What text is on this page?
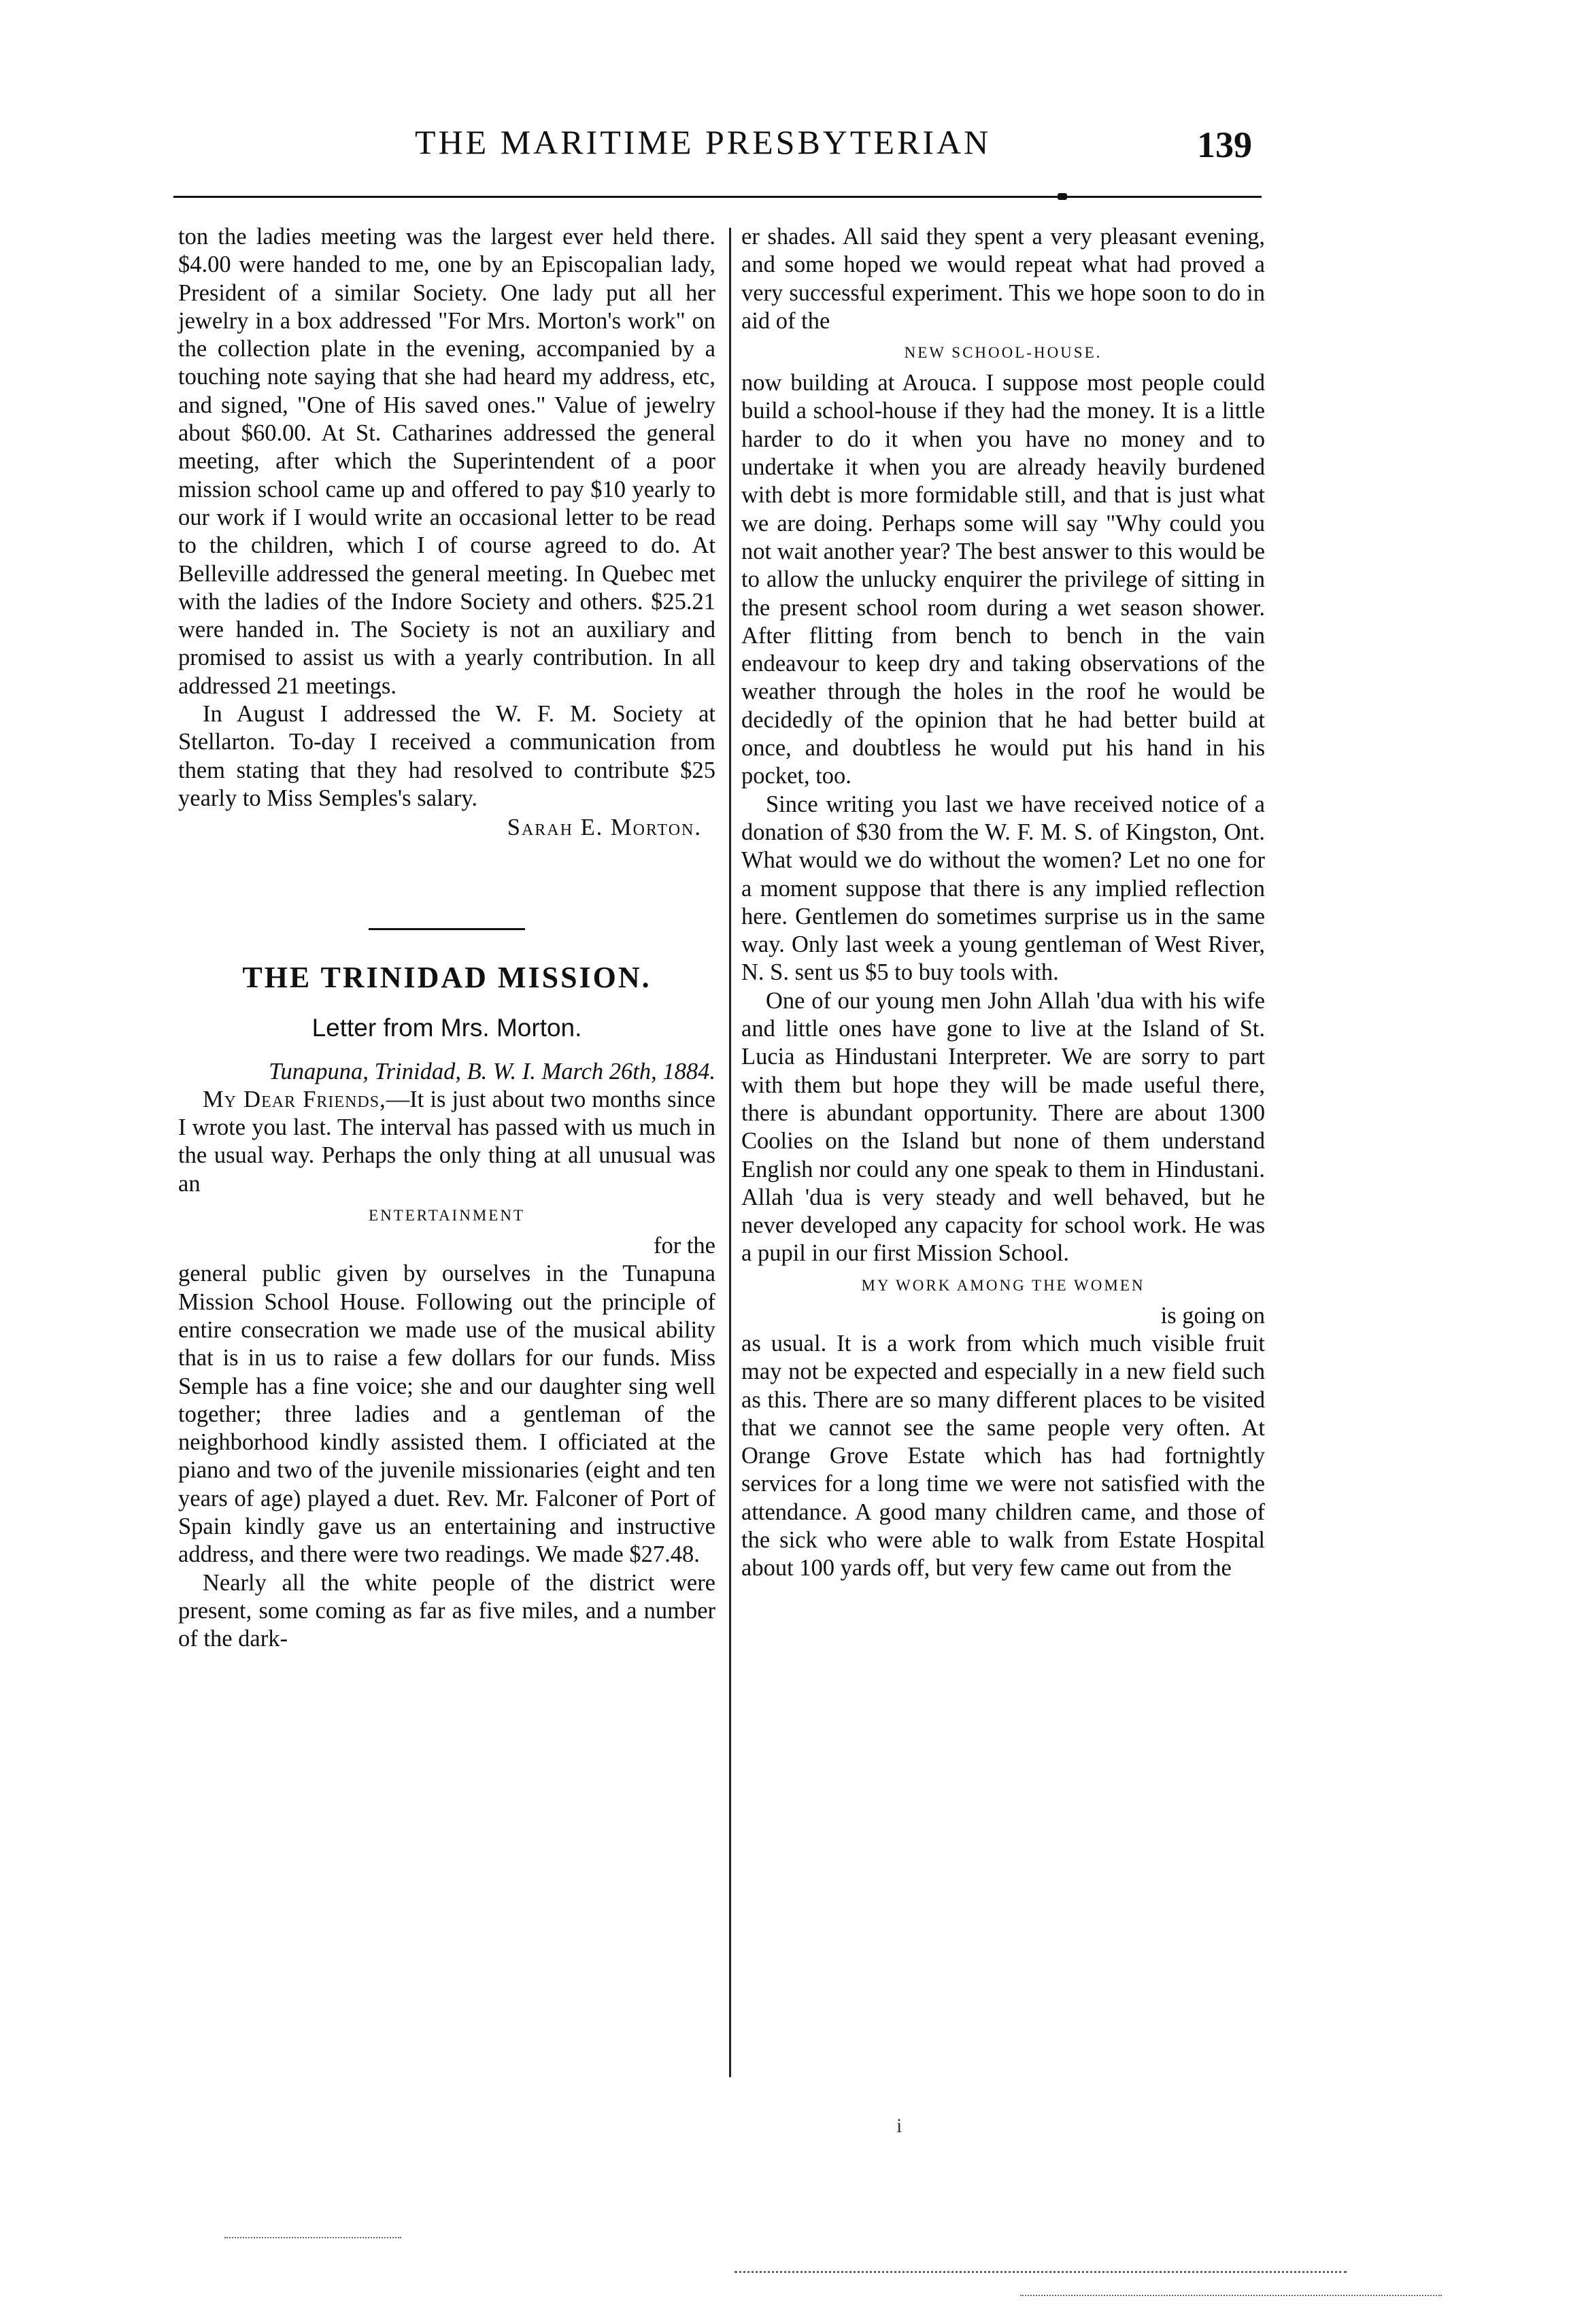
THE MARITIME PRESBYTERIAN	139

ton the ladies meeting was the largest ever held there. $4.00 were handed to me, one by an Episcopalian lady, President of a similar Society. One lady put all her jewelry in a box addressed "For Mrs. Morton's work" on the collection plate in the evening, accompanied by a touching note saying that she had heard my address, etc, and signed, "One of His saved ones." Value of jewelry about $60.00. At St. Catharines addressed the general meeting, after which the Superintendent of a poor mission school came up and offered to pay $10 yearly to our work if I would write an occasional letter to be read to the children, which I of course agreed to do. At Belleville addressed the general meeting. In Quebec met with the ladies of the Indore Society and others. $25.21 were handed in. The Society is not an auxiliary and promised to assist us with a yearly contribution. In all addressed 21 meetings.

In August I addressed the W. F. M. Society at Stellarton. To-day I received a communication from them stating that they had resolved to contribute $25 yearly to Miss Semples's salary.

Sarah E. Morton.

THE TRINIDAD MISSION.

Letter from Mrs. Morton.

Tunapuna, Trinidad, B. W. I. March 26th, 1884.

My Dear Friends,—It is just about two months since I wrote you last. The interval has passed with us much in the usual way. Perhaps the only thing at all unusual was an

ENTERTAINMENT

for the

general public given by ourselves in the Tunapuna Mission School House. Following out the principle of entire consecration we made use of the musical ability that is in us to raise a few dollars for our funds. Miss Semple has a fine voice; she and our daughter sing well together; three ladies and a gentleman of the neighborhood kindly assisted them. I officiated at the piano and two of the juvenile missionaries (eight and ten years of age) played a duet. Rev. Mr. Falconer of Port of Spain kindly gave us an entertaining and instructive address, and there were two readings. We made $27.48.

Nearly all the white people of the district were present, some coming as far as five miles, and a number of the dark-

er shades. All said they spent a very pleasant evening, and some hoped we would repeat what had proved a very successful experiment. This we hope soon to do in aid of the

NEW SCHOOL-HOUSE.

now building at Arouca. I suppose most people could build a school-house if they had the money. It is a little harder to do it when you have no money and to undertake it when you are already heavily burdened with debt is more formidable still, and that is just what we are doing. Perhaps some will say "Why could you not wait another year? The best answer to this would be to allow the unlucky enquirer the privilege of sitting in the present school room during a wet season shower. After flitting from bench to bench in the vain endeavour to keep dry and taking observations of the weather through the holes in the roof he would be decidedly of the opinion that he had better build at once, and doubtless he would put his hand in his pocket, too.

Since writing you last we have received notice of a donation of $30 from the W. F. M. S. of Kingston, Ont. What would we do without the women? Let no one for a moment suppose that there is any implied reflection here. Gentlemen do sometimes surprise us in the same way. Only last week a young gentleman of West River, N. S. sent us $5 to buy tools with.

One of our young men John Allah 'dua with his wife and little ones have gone to live at the Island of St. Lucia as Hindustani Interpreter. We are sorry to part with them but hope they will be made useful there, there is abundant opportunity. There are about 1300 Coolies on the Island but none of them understand English nor could any one speak to them in Hindustani. Allah 'dua is very steady and well behaved, but he never developed any capacity for school work. He was a pupil in our first Mission School.

MY WORK AMONG THE WOMEN

is going on

as usual. It is a work from which much visible fruit may not be expected and especially in a new field such as this. There are so many different places to be visited that we cannot see the same people very often. At Orange Grove Estate which has had fortnightly services for a long time we were not satisfied with the attendance. A good many children came, and those of the sick who were able to walk from Estate Hospital about 100 yards off, but very few came out from the

i
